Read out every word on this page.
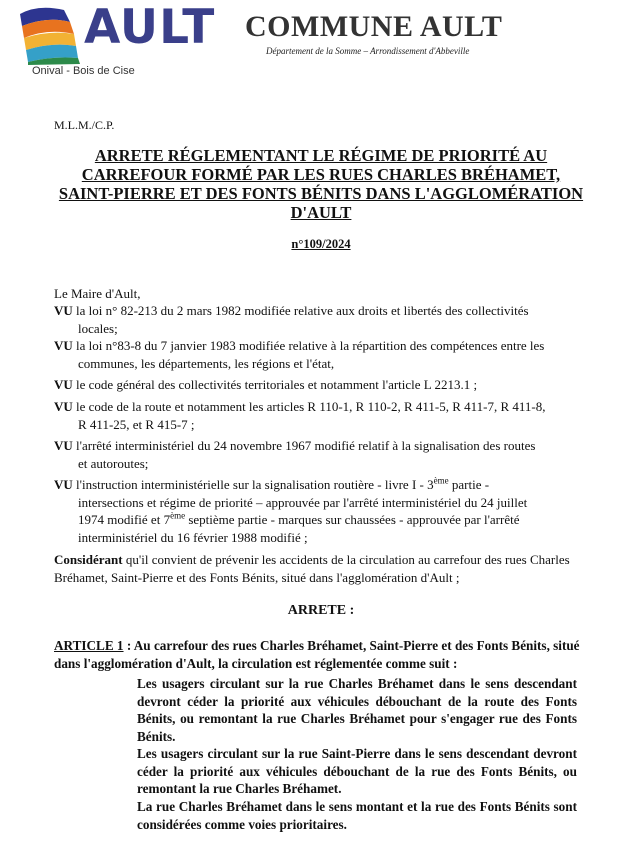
AULT
Onival - Bois de Cise
COMMUNE AULT
Département de la Somme – Arrondissement d'Abbeville
M.L.M./C.P.
ARRETE RÉGLEMENTANT LE RÉGIME DE PRIORITÉ AU CARREFOUR FORMÉ PAR LES RUES CHARLES BRÉHAMET, SAINT-PIERRE ET DES FONTS BÉNITS DANS L'AGGLOMÉRATION D'AULT
n°109/2024
Le Maire d'Ault,
VU la loi n° 82-213 du 2 mars 1982 modifiée relative aux droits et libertés des collectivités
locales;
VU la loi n°83-8 du 7 janvier 1983 modifiée relative à la répartition des compétences entre les
communes, les départements, les régions et l'état,
VU le code général des collectivités territoriales et notamment l'article L 2213.1 ;
VU le code de la route et notamment les articles R 110-1, R 110-2, R 411-5, R 411-7, R 411-8,
R 411-25, et R 415-7 ;
VU l'arrêté interministériel du 24 novembre 1967 modifié relatif à la signalisation des routes
et autoroutes;
VU l'instruction interministérielle sur la signalisation routière - livre I - 3ème partie -
intersections et régime de priorité – approuvée par l'arrêté interministériel du 24 juillet
1974 modifié et 7ème septième partie - marques sur chaussées - approuvée par l'arrêté
interministériel du 16 février 1988 modifié ;
Considérant qu'il convient de prévenir les accidents de la circulation au carrefour des rues Charles Bréhamet, Saint-Pierre et des Fonts Bénits, situé dans l'agglomération d'Ault ;
ARRETE :
ARTICLE 1 : Au carrefour des rues Charles Bréhamet, Saint-Pierre et des Fonts Bénits, situé dans l'agglomération d'Ault, la circulation est réglementée comme suit :
Les usagers circulant sur la rue Charles Bréhamet dans le sens descendant devront céder la priorité aux véhicules débouchant de la route des Fonts Bénits, ou remontant la rue Charles Bréhamet pour s'engager rue des Fonts Bénits.
Les usagers circulant sur la rue Saint-Pierre dans le sens descendant devront céder la priorité aux véhicules débouchant de la rue des Fonts Bénits, ou remontant la rue Charles Bréhamet.
La rue Charles Bréhamet dans le sens montant et la rue des Fonts Bénits sont considérées comme voies prioritaires.
